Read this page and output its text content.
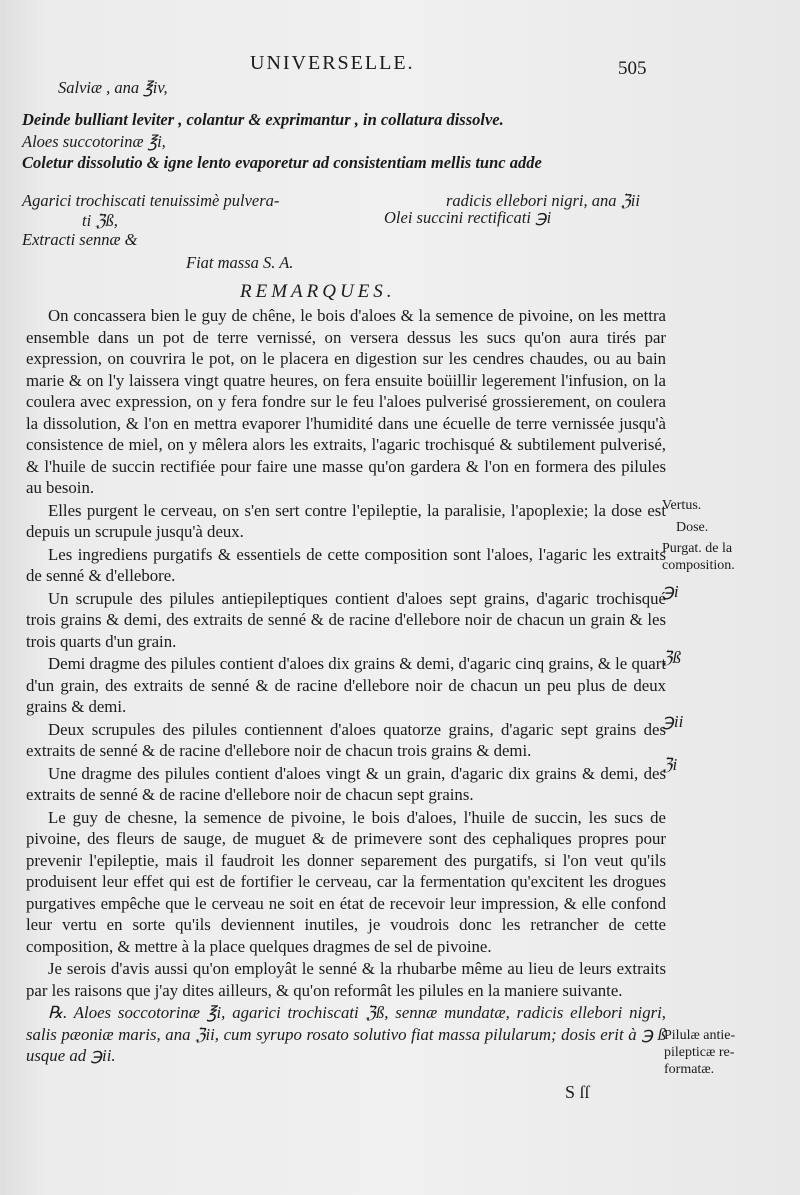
UNIVERSELLE.	505
Salviæ , ana ℥iv,
Deinde bulliant leviter , colantur & exprimantur , in collatura dissolve.
Aloes succotorinæ ℥i,
Coletur dissolutio & igne lento evaporetur ad consistentiam mellis tunc adde
Agarici trochiscati tenuissimè pulvera-
ti ℨß,
Extracti sennæ &
radicis ellebori nigri, ana ℨii
Olei succini rectificati ℈i
Fiat massa S. A.
REMARQUES.

On concassera bien le guy de chêne, le bois d'aloes & la semence de pivoine, on les mettra ensemble dans un pot de terre vernissé, on versera dessus les sucs qu'on aura tirés par expression, on couvrira le pot, on le placera en digestion sur les cendres chaudes, ou au bain marie & on l'y laissera vingt quatre heures, on fera ensuite boüillir legerement l'infusion, on la coulera avec expression, on y fera fondre sur le feu l'aloes pulverisé grossierement, on coulera la dissolution, & l'on en mettra evaporer l'humidité dans une écuelle de terre vernissée jusqu'à consistence de miel, on y mêlera alors les extraits, l'agaric trochisqué & subtilement pulverisé, & l'huile de succin rectifiée pour faire une masse qu'on gardera & l'on en formera des pilules au besoin.

Elles purgent le cerveau, on s'en sert contre l'epileptie, la paralisie, l'apoplexie; la dose est depuis un scrupule jusqu'à deux.

Les ingrediens purgatifs & essentiels de cette composition sont l'aloes, l'agaric les extraits de senné & d'ellebore.

Un scrupule des pilules antiepileptiques contient d'aloes sept grains, d'agaric trochisqué trois grains & demi, des extraits de senné & de racine d'ellebore noir de chacun un grain & les trois quarts d'un grain.

Demi dragme des pilules contient d'aloes dix grains & demi, d'agaric cinq grains, & le quart d'un grain, des extraits de senné & de racine d'ellebore noir de chacun un peu plus de deux grains & demi.

Deux scrupules des pilules contiennent d'aloes quatorze grains, d'agaric sept grains des extraits de senné & de racine d'ellebore noir de chacun trois grains & demi.

Une dragme des pilules contient d'aloes vingt & un grain, d'agaric dix grains & demi, des extraits de senné & de racine d'ellebore noir de chacun sept grains.

Le guy de chesne, la semence de pivoine, le bois d'aloes, l'huile de succin, les sucs de pivoine, des fleurs de sauge, de muguet & de primevere sont des cephaliques propres pour prevenir l'epileptie, mais il faudroit les donner separement des purgatifs, si l'on veut qu'ils produisent leur effet qui est de fortifier le cerveau, car la fermentation qu'excitent les drogues purgatives empêche que le cerveau ne soit en état de recevoir leur impression, & elle confond leur vertu en sorte qu'ils deviennent inutiles, je voudrois donc les retrancher de cette composition, & mettre à la place quelques dragmes de sel de pivoine.

Je serois d'avis aussi qu'on employât le senné & la rhubarbe même au lieu de leurs extraits par les raisons que j'ay dites ailleurs, & qu'on reformât les pilules en la maniere suivante.

℞. Aloes soccotorinæ ℥i, agarici trochiscati ℨß, sennæ mundatæ, radicis ellebori nigri, salis pæoniæ maris, ana ℨii, cum syrupo rosato solutivo fiat massa pilularum; dosis erit à ℈ ß usque ad ℈ii.

Vertus.
Dose.
Purgat. de la
composition.
℈i
ℨß
℈ii
ℨi
Pilulæ antie-
pilepticæ re-
formatæ.
S ſſ
